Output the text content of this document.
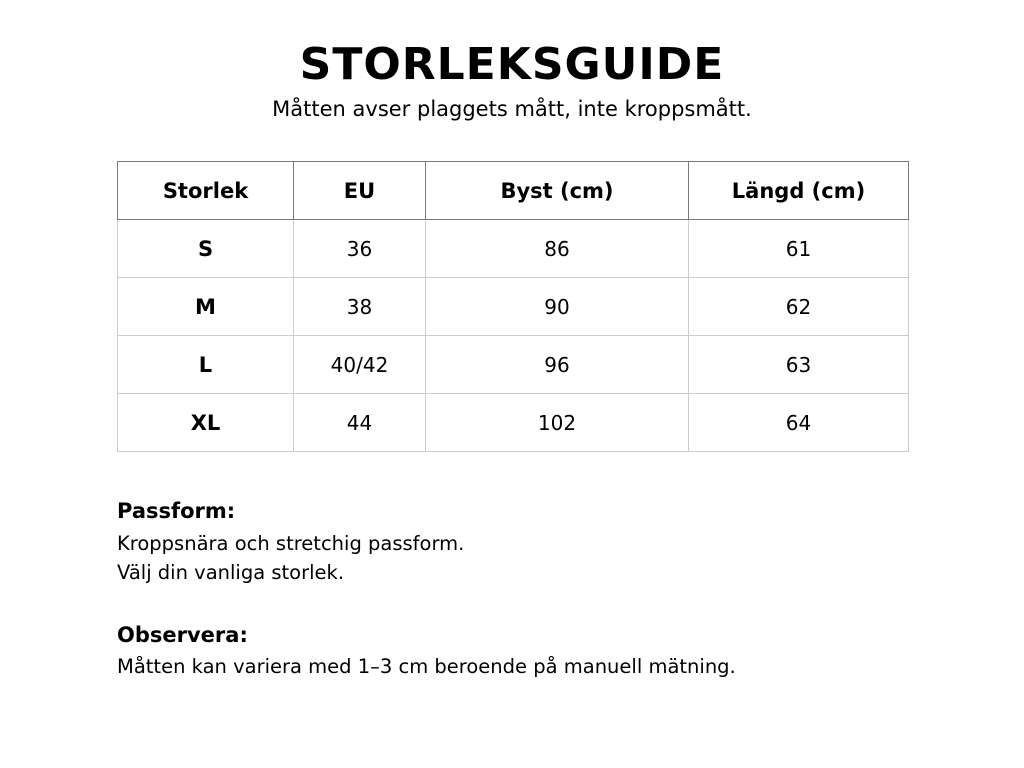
STORLEKSGUIDE
Måtten avser plaggets mått, inte kroppsmått.
Storlek	EU	Byst (cm)	Längd (cm)
S	36	86	61
M	38	90	62
L	40/42	96	63
XL	44	102	64
Passform:
Kroppsnära och stretchig passform.
Välj din vanliga storlek.
Observera:
Måtten kan variera med 1–3 cm beroende på manuell mätning.
